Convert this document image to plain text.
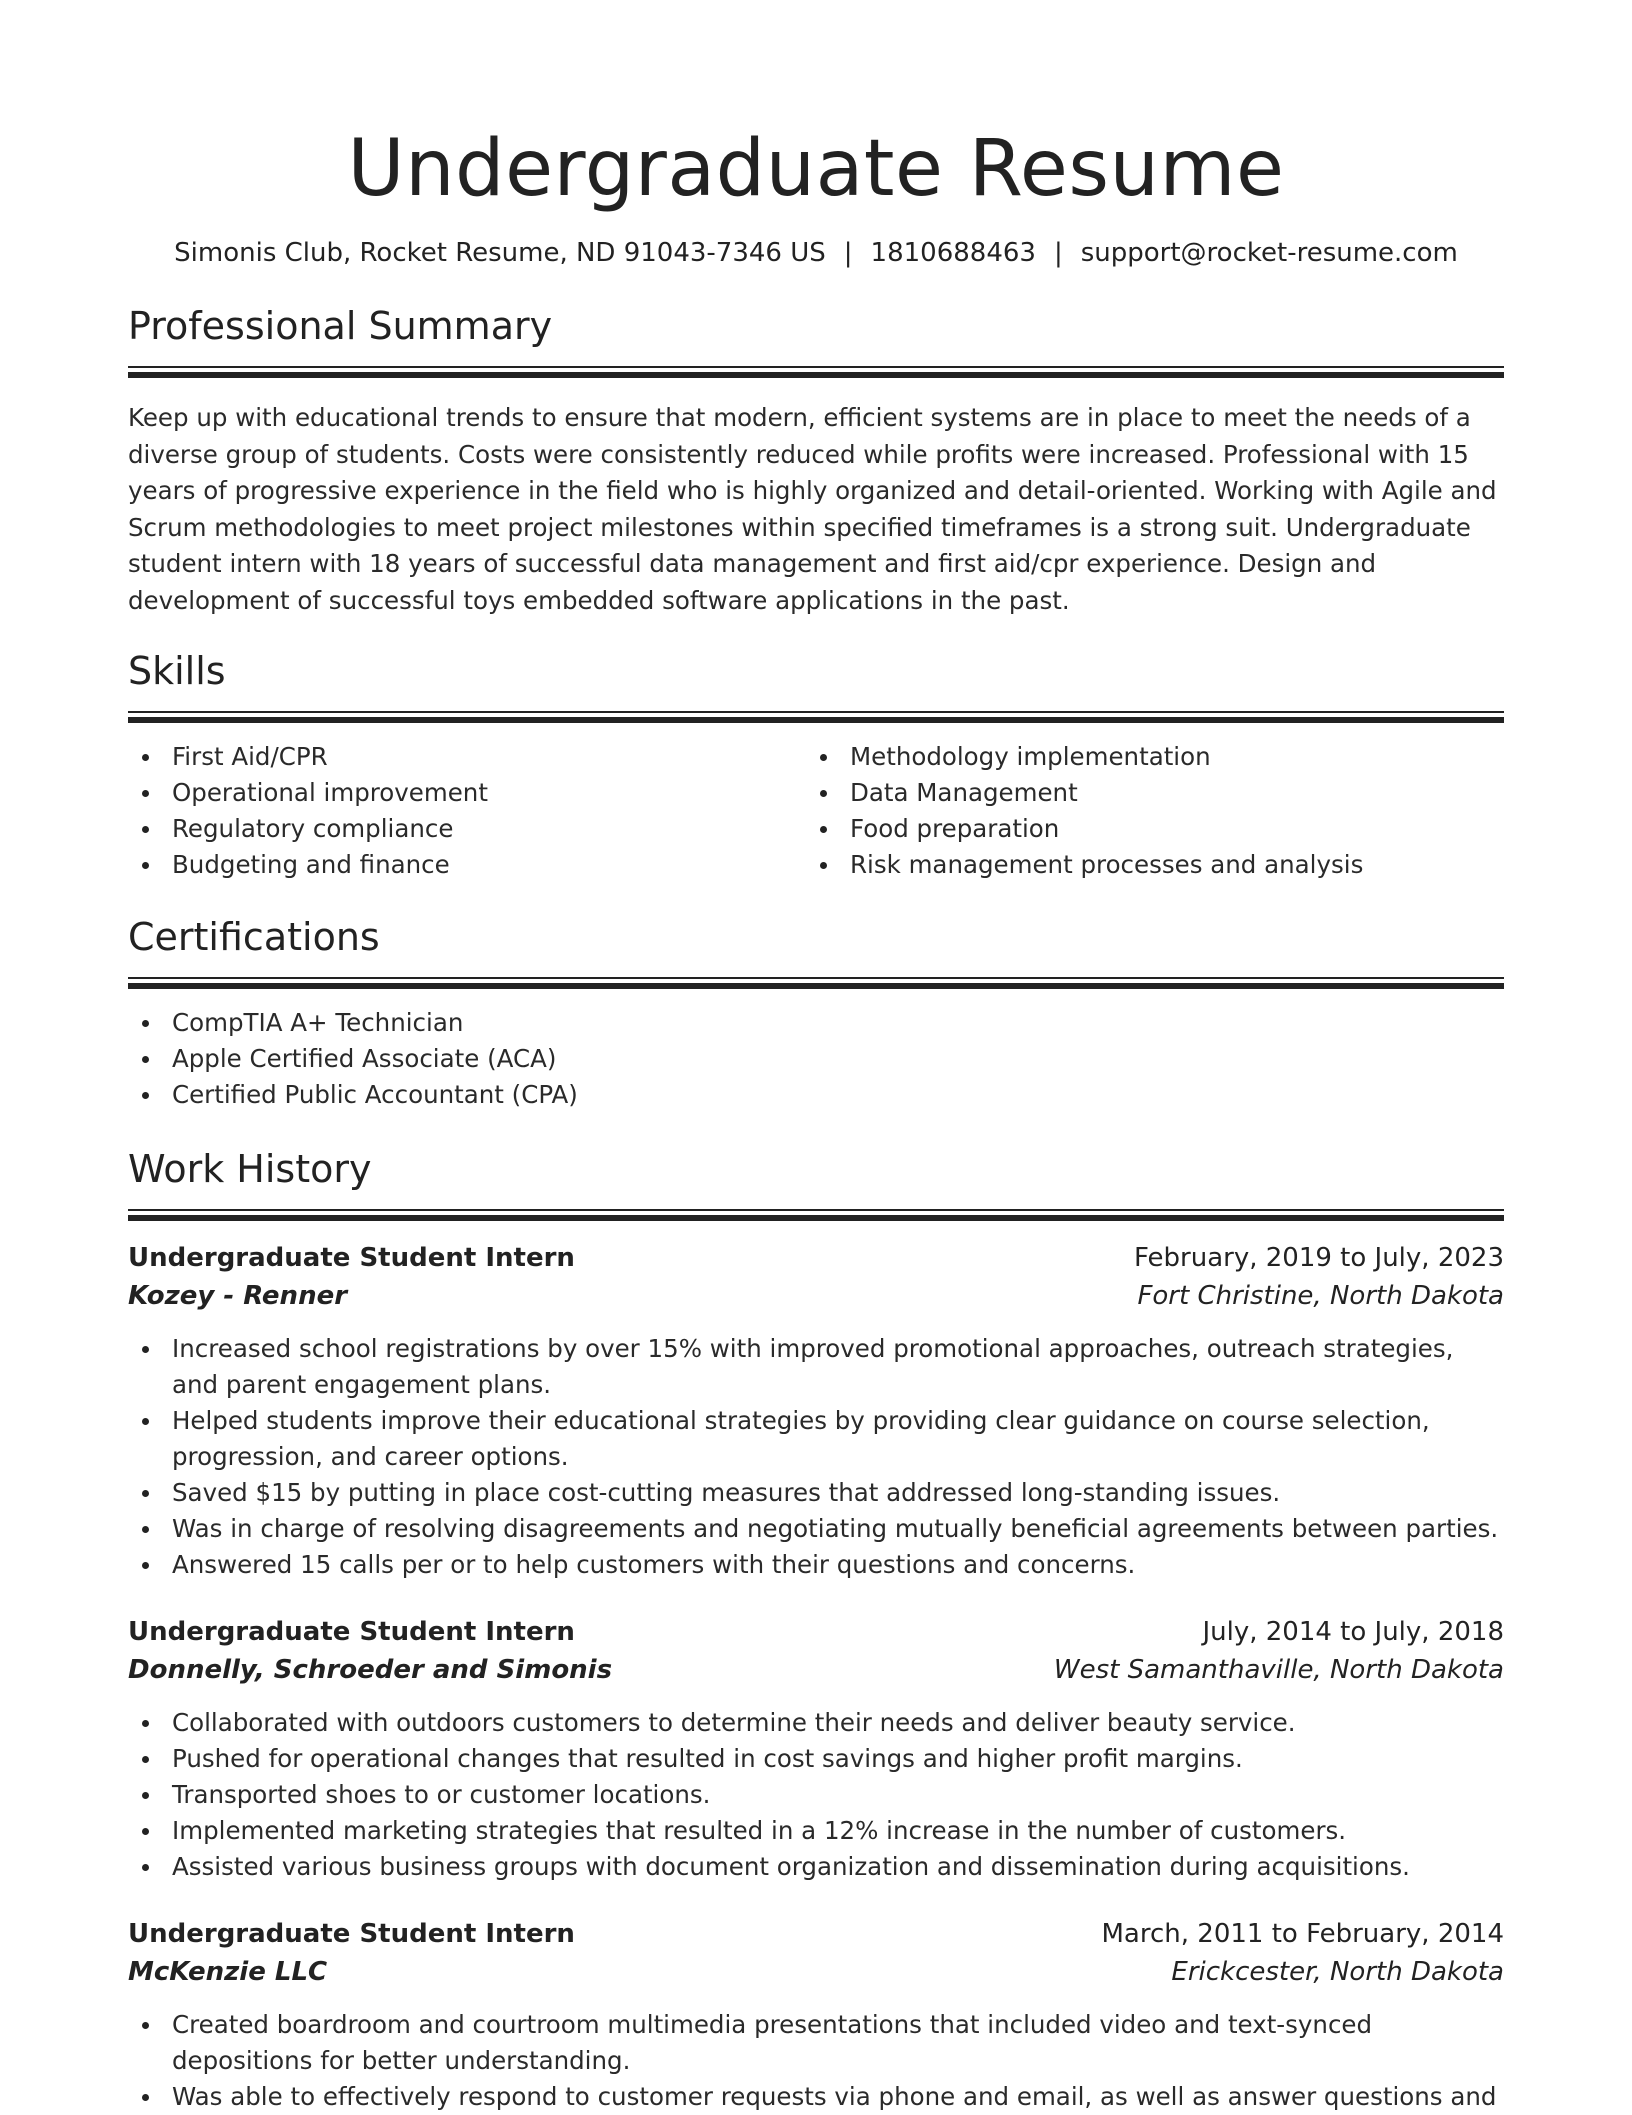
Undergraduate Resume
Simonis Club, Rocket Resume, ND 91043-7346 US | 1810688463 | support@rocket-resume.com
Professional Summary

Keep up with educational trends to ensure that modern, efficient systems are in place to meet the needs of a diverse group of students. Costs were consistently reduced while profits were increased. Professional with 15 years of progressive experience in the field who is highly organized and detail-oriented. Working with Agile and Scrum methodologies to meet project milestones within specified timeframes is a strong suit. Undergraduate student intern with 18 years of successful data management and first aid/cpr experience. Design and development of successful toys embedded software applications in the past.

Skills
First Aid/CPR
Operational improvement
Regulatory compliance
Budgeting and finance
Methodology implementation
Data Management
Food preparation
Risk management processes and analysis
Certifications
CompTIA A+ Technician
Apple Certified Associate (ACA)
Certified Public Accountant (CPA)
Work History
Undergraduate Student Intern	February, 2019 to July, 2023
Kozey - Renner	Fort Christine, North Dakota
Increased school registrations by over 15% with improved promotional approaches, outreach strategies, and parent engagement plans.
Helped students improve their educational strategies by providing clear guidance on course selection, progression, and career options.
Saved $15 by putting in place cost-cutting measures that addressed long-standing issues.
Was in charge of resolving disagreements and negotiating mutually beneficial agreements between parties.
Answered 15 calls per or to help customers with their questions and concerns.
Undergraduate Student Intern	July, 2014 to July, 2018
Donnelly, Schroeder and Simonis	West Samanthaville, North Dakota
Collaborated with outdoors customers to determine their needs and deliver beauty service.
Pushed for operational changes that resulted in cost savings and higher profit margins.
Transported shoes to or customer locations.
Implemented marketing strategies that resulted in a 12% increase in the number of customers.
Assisted various business groups with document organization and dissemination during acquisitions.
Undergraduate Student Intern	March, 2011 to February, 2014
McKenzie LLC	Erickcester, North Dakota
Created boardroom and courtroom multimedia presentations that included video and text-synced depositions for better understanding.
Was able to effectively respond to customer requests via phone and email, as well as answer questions and
